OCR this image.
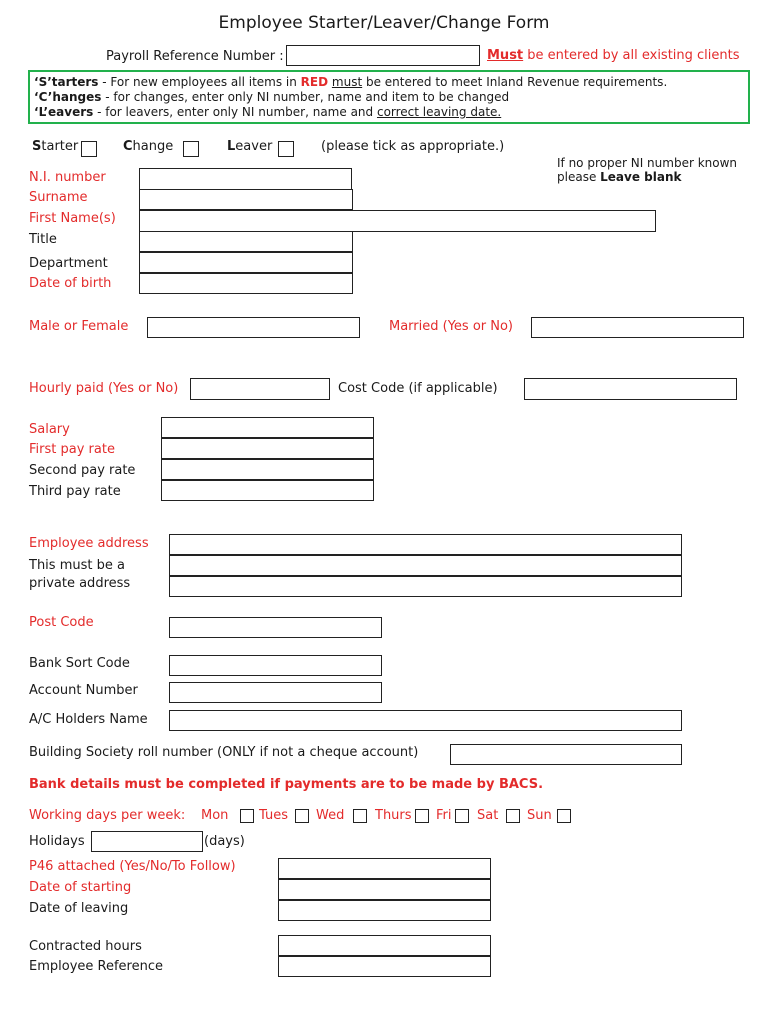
Employee Starter/Leaver/Change Form
Payroll Reference Number :	Must be entered by all existing clients
‘S’tarters - For new employees all items in RED must be entered to meet Inland Revenue requirements.
‘C’hanges - for changes, enter only NI number, name and item to be changed
‘L’eavers - for leavers, enter only NI number, name and correct leaving date.
Starter	Change	Leaver	(please tick as appropriate.)
If no proper NI number known
please Leave blank
N.I. number
Surname
First Name(s)
Title
Department
Date of birth
Male or Female	Married (Yes or No)
Hourly paid (Yes or No)	Cost Code (if applicable)
Salary
First pay rate
Second pay rate
Third pay rate
Employee address
This must be a
private address
Post Code
Bank Sort Code
Account Number
A/C Holders Name
Building Society roll number (ONLY if not a cheque account)
Bank details must be completed if payments are to be made by BACS.
Working days per week: Mon Tues Wed Thurs Fri Sat Sun
Holidays	(days)
P46 attached (Yes/No/To Follow)
Date of starting
Date of leaving
Contracted hours
Employee Reference
